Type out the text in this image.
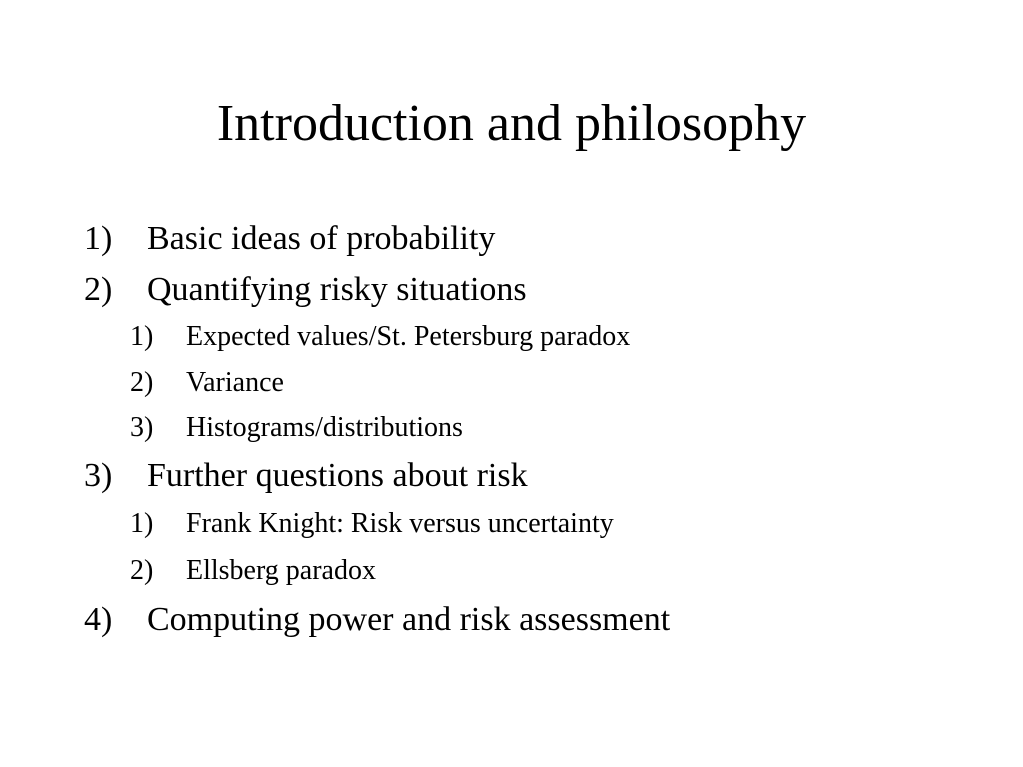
Introduction and philosophy
1) Basic ideas of probability
2) Quantifying risky situations
1) Expected values/St. Petersburg paradox
2) Variance
3) Histograms/distributions
3) Further questions about risk
1) Frank Knight: Risk versus uncertainty
2) Ellsberg paradox
4) Computing power and risk assessment
